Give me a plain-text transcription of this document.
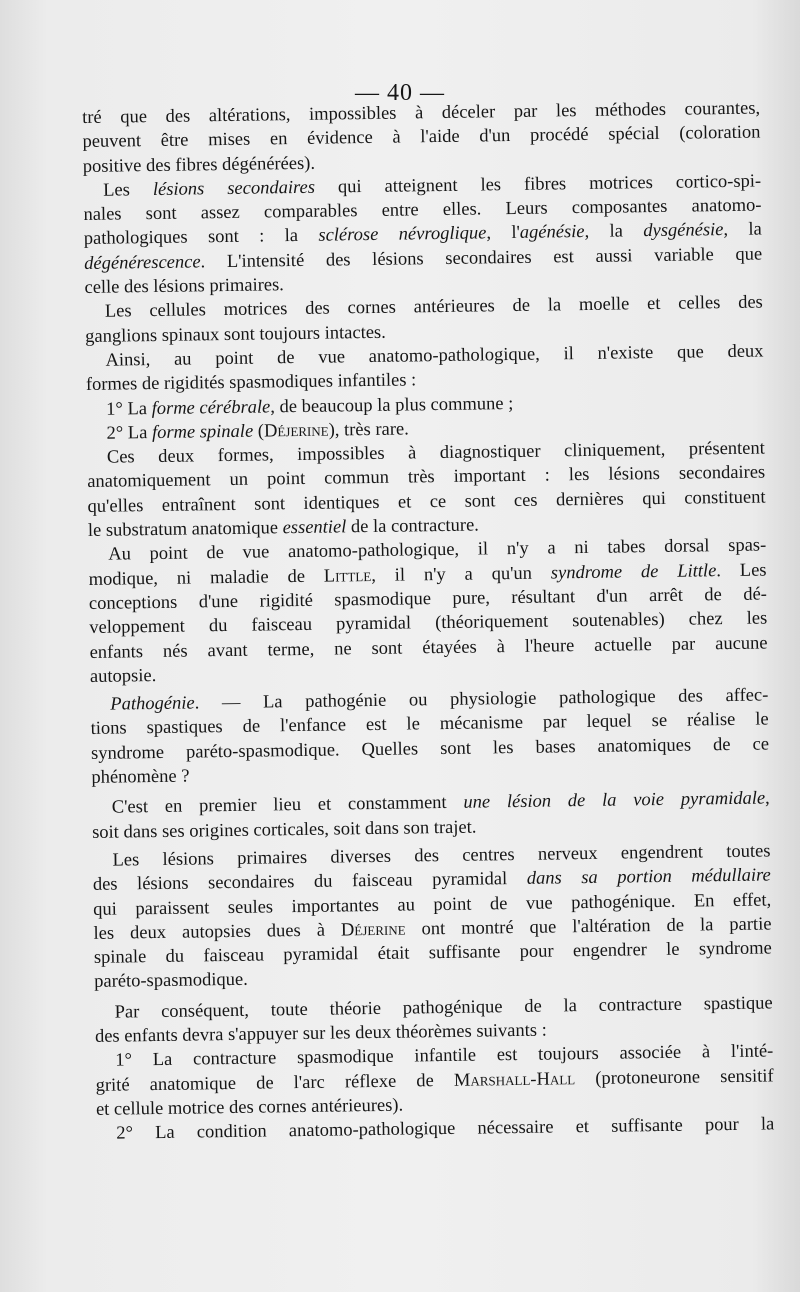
— 40 —
tré que des altérations, impossibles à déceler par les méthodes courantes,
peuvent être mises en évidence à l'aide d'un procédé spécial (coloration
positive des fibres dégénérées).
Les lésions secondaires qui atteignent les fibres motrices cortico-spi-
nales sont assez comparables entre elles. Leurs composantes anatomo-
pathologiques sont : la sclérose névroglique, l'agénésie, la dysgénésie, la
dégénérescence. L'intensité des lésions secondaires est aussi variable que
celle des lésions primaires.
Les cellules motrices des cornes antérieures de la moelle et celles des
ganglions spinaux sont toujours intactes.
Ainsi, au point de vue anatomo-pathologique, il n'existe que deux
formes de rigidités spasmodiques infantiles :
1° La forme cérébrale, de beaucoup la plus commune ;
2° La forme spinale (Déjerine), très rare.
Ces deux formes, impossibles à diagnostiquer cliniquement, présentent
anatomiquement un point commun très important : les lésions secondaires
qu'elles entraînent sont identiques et ce sont ces dernières qui constituent
le substratum anatomique essentiel de la contracture.
Au point de vue anatomo-pathologique, il n'y a ni tabes dorsal spas-
modique, ni maladie de Little, il n'y a qu'un syndrome de Little. Les
conceptions d'une rigidité spasmodique pure, résultant d'un arrêt de dé-
veloppement du faisceau pyramidal (théoriquement soutenables) chez les
enfants nés avant terme, ne sont étayées à l'heure actuelle par aucune
autopsie.
Pathogénie. — La pathogénie ou physiologie pathologique des affec-
tions spastiques de l'enfance est le mécanisme par lequel se réalise le
syndrome paréto-spasmodique. Quelles sont les bases anatomiques de ce
phénomène ?
C'est en premier lieu et constamment une lésion de la voie pyramidale,
soit dans ses origines corticales, soit dans son trajet.
Les lésions primaires diverses des centres nerveux engendrent toutes
des lésions secondaires du faisceau pyramidal dans sa portion médullaire
qui paraissent seules importantes au point de vue pathogénique. En effet,
les deux autopsies dues à Déjerine ont montré que l'altération de la partie
spinale du faisceau pyramidal était suffisante pour engendrer le syndrome
paréto-spasmodique.
Par conséquent, toute théorie pathogénique de la contracture spastique
des enfants devra s'appuyer sur les deux théorèmes suivants :
1° La contracture spasmodique infantile est toujours associée à l'inté-
grité anatomique de l'arc réflexe de Marshall-Hall (protoneurone sensitif
et cellule motrice des cornes antérieures).
2° La condition anatomo-pathologique nécessaire et suffisante pour la
